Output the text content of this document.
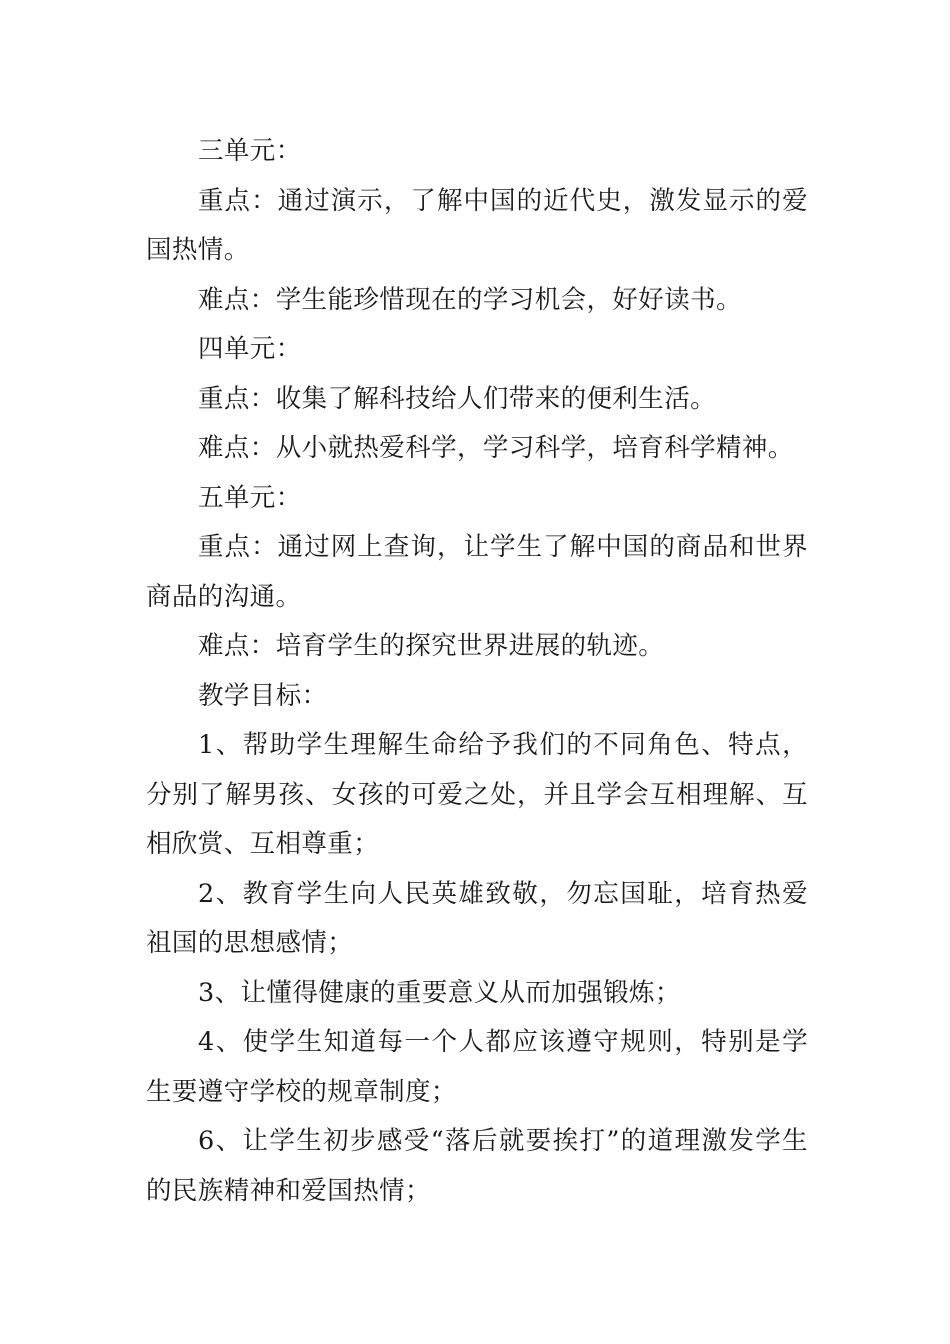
三单元：

重点：通过演示，了解中国的近代史，激发显示的爱国热情。

难点：学生能珍惜现在的学习机会，好好读书。

四单元：

重点：收集了解科技给人们带来的便利生活。

难点：从小就热爱科学，学习科学，培育科学精神。

五单元：

重点：通过网上查询，让学生了解中国的商品和世界商品的沟通。

难点：培育学生的探究世界进展的轨迹。

教学目标：

1、帮助学生理解生命给予我们的不同角色、特点，分别了解男孩、女孩的可爱之处，并且学会互相理解、互相欣赏、互相尊重；

2、教育学生向人民英雄致敬，勿忘国耻，培育热爱祖国的思想感情；

3、让懂得健康的重要意义从而加强锻炼；

4、使学生知道每一个人都应该遵守规则，特别是学生要遵守学校的规章制度；

6、让学生初步感受“落后就要挨打”的道理激发学生的民族精神和爱国热情；
